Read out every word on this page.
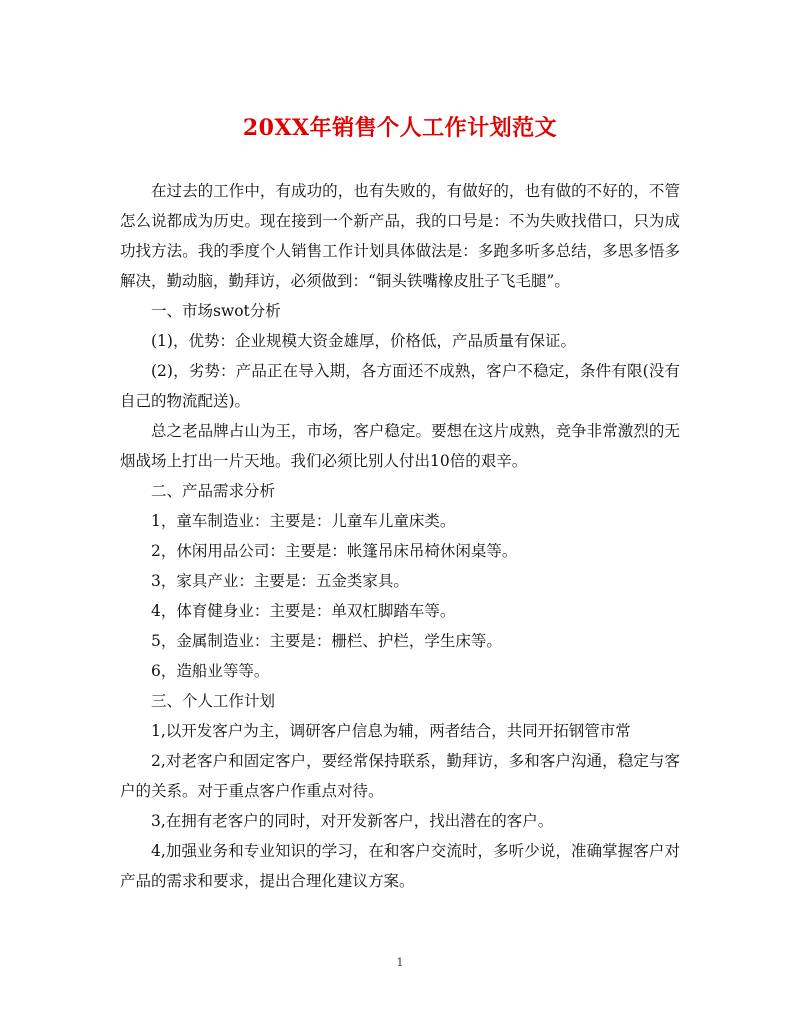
20XX年销售个人工作计划范文

在过去的工作中，有成功的，也有失败的，有做好的，也有做的不好的，不管怎么说都成为历史。现在接到一个新产品，我的口号是：不为失败找借口，只为成功找方法。我的季度个人销售工作计划具体做法是：多跑多听多总结，多思多悟多解决，勤动脑，勤拜访，必须做到：“铜头铁嘴橡皮肚子飞毛腿”。

一、市场swot分析

(1)，优势：企业规模大资金雄厚，价格低，产品质量有保证。

(2)，劣势：产品正在导入期，各方面还不成熟，客户不稳定，条件有限(没有自己的物流配送)。

总之老品牌占山为王，市场，客户稳定。要想在这片成熟，竞争非常激烈的无烟战场上打出一片天地。我们必须比别人付出10倍的艰辛。

二、产品需求分析

1，童车制造业：主要是：儿童车儿童床类。

2，休闲用品公司：主要是：帐篷吊床吊椅休闲桌等。

3，家具产业：主要是：五金类家具。

4，体育健身业：主要是：单双杠脚踏车等。

5，金属制造业：主要是：栅栏、护栏，学生床等。

6，造船业等等。

三、个人工作计划

1,以开发客户为主，调研客户信息为辅，两者结合，共同开拓钢管市常

2,对老客户和固定客户，要经常保持联系，勤拜访，多和客户沟通，稳定与客户的关系。对于重点客户作重点对待。

3,在拥有老客户的同时，对开发新客户，找出潜在的客户。

4,加强业务和专业知识的学习，在和客户交流时，多听少说，准确掌握客户对产品的需求和要求，提出合理化建议方案。

1
